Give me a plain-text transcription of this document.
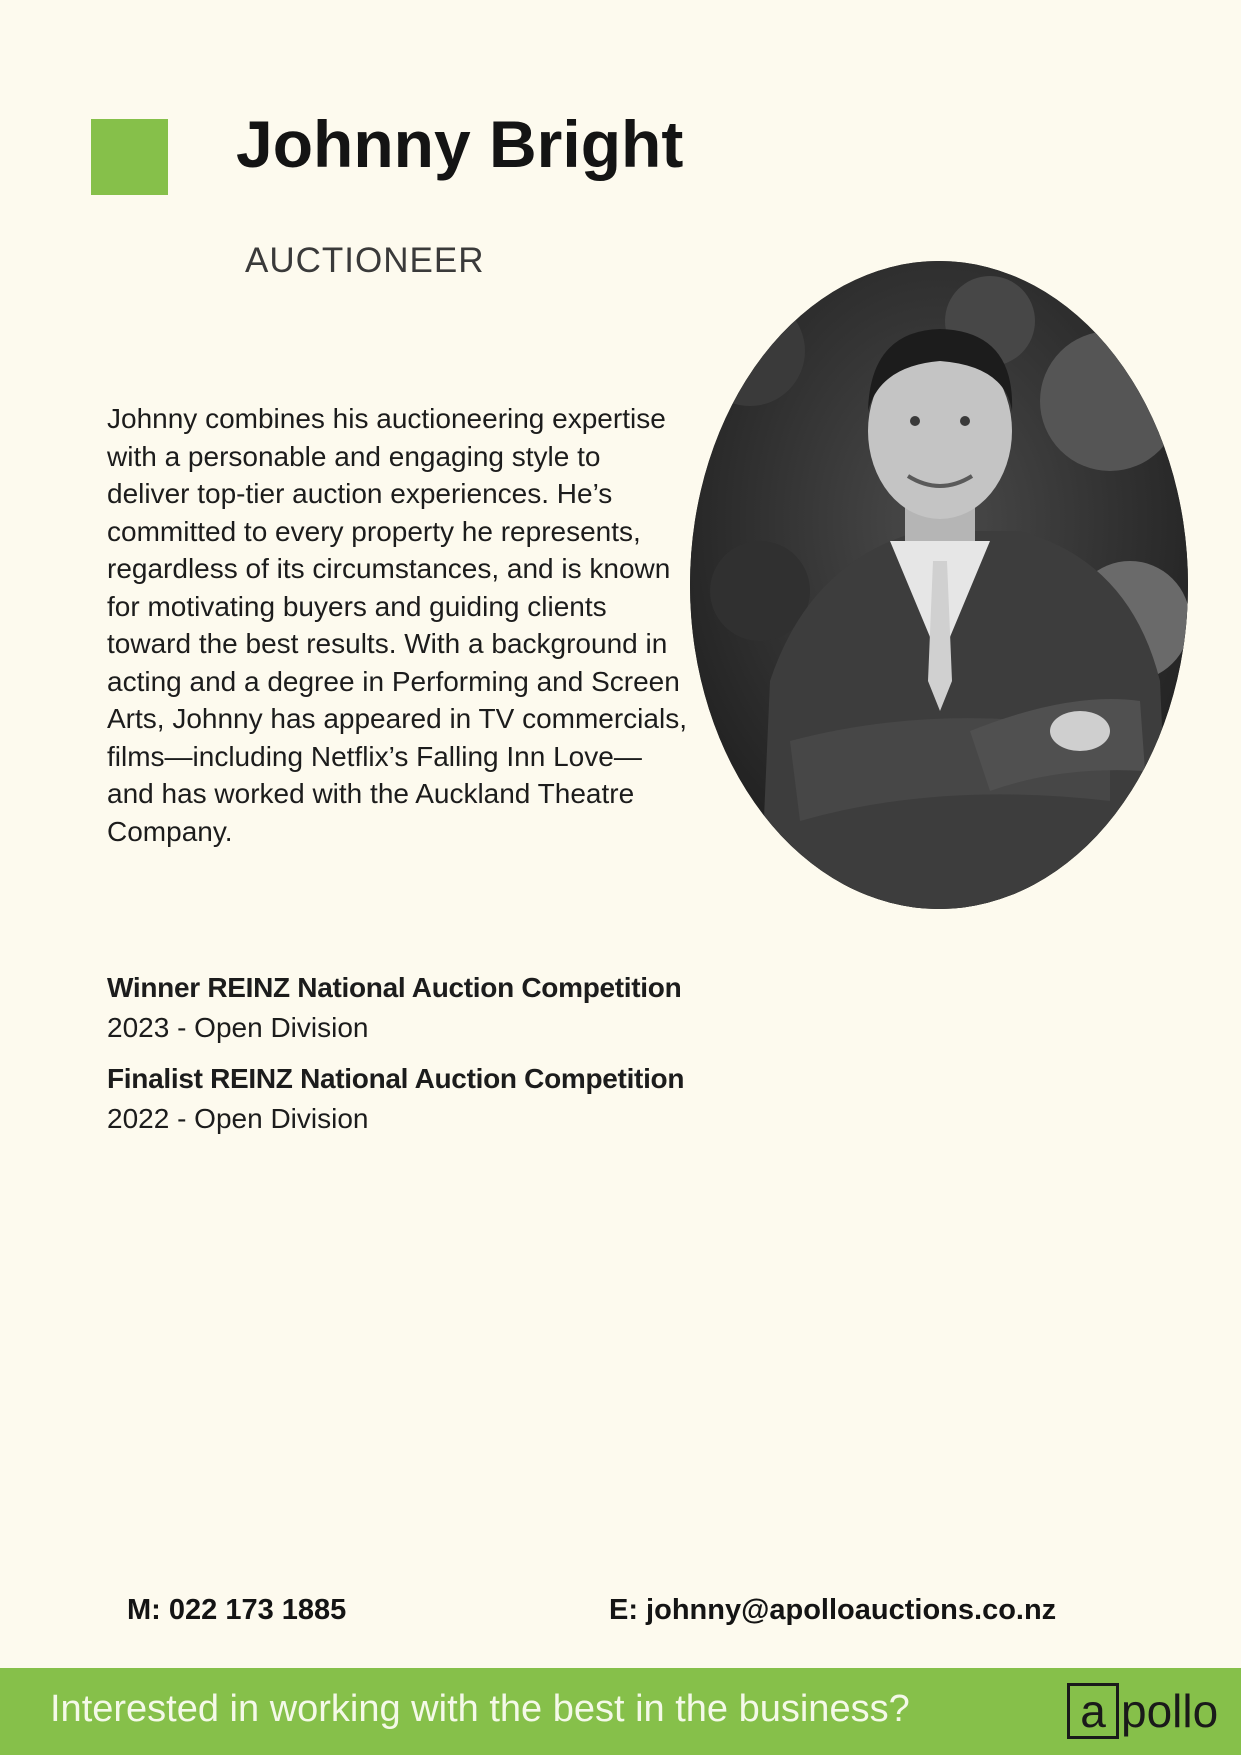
Johnny Bright
AUCTIONEER

Johnny combines his auctioneering expertise with a personable and engaging style to deliver top-tier auction experiences. He’s committed to every property he represents, regardless of its circumstances, and is known for motivating buyers and guiding clients toward the best results. With a background in acting and a degree in Performing and Screen Arts, Johnny has appeared in TV commercials, films—including Netflix’s Falling Inn Love—and has worked with the Auckland Theatre Company.

Winner REINZ National Auction Competition
2023 - Open Division
Finalist REINZ National Auction Competition
2022 - Open Division
M: 022 173 1885	E: johnny@apolloauctions.co.nz
Interested in working with the best in the business?	a pollo
